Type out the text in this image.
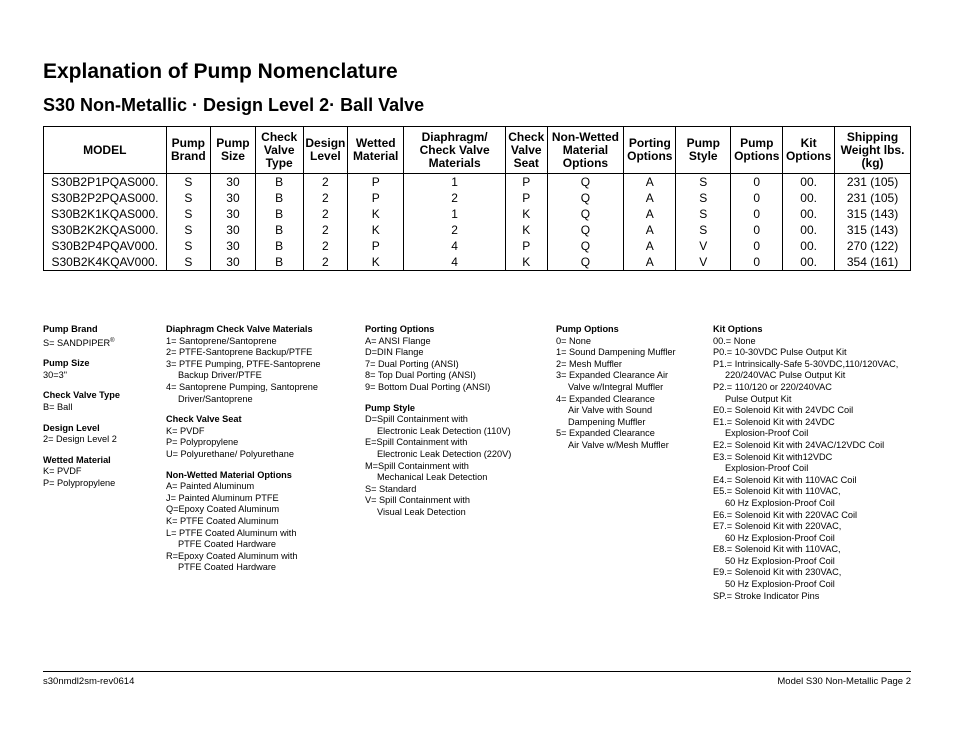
Explanation of Pump Nomenclature
S30 Non-Metallic · Design Level 2· Ball Valve
MODEL	Pump Brand	Pump Size	Check Valve Type	Design Level	Wetted Material	Diaphragm/ Check Valve Materials	Check Valve Seat	Non-Wetted Material Options	Porting Options	Pump Style	Pump Options	Kit Options	Shipping Weight lbs. (kg)
S30B2P1PQAS000.	S	30	B	2	P	1	P	Q	A	S	0	00.	231 (105)
S30B2P2PQAS000.	S	30	B	2	P	2	P	Q	A	S	0	00.	231 (105)
S30B2K1KQAS000.	S	30	B	2	K	1	K	Q	A	S	0	00.	315 (143)
S30B2K2KQAS000.	S	30	B	2	K	2	K	Q	A	S	0	00.	315 (143)
S30B2P4PQAV000.	S	30	B	2	P	4	P	Q	A	V	0	00.	270 (122)
S30B2K4KQAV000.	S	30	B	2	K	4	K	Q	A	V	0	00.	354 (161)
Pump Brand
S= SANDPIPER®
Pump Size
30=3"
Check Valve Type
B= Ball
Design Level
2= Design Level 2
Wetted Material
K= PVDF
P= Polypropylene
Diaphragm Check Valve Materials
1= Santoprene/Santoprene
2= PTFE-Santoprene Backup/PTFE
3= PTFE Pumping, PTFE-Santoprene
Backup Driver/PTFE
4= Santoprene Pumping, Santoprene
Driver/Santoprene
Check Valve Seat
K= PVDF
P= Polypropylene
U= Polyurethane/ Polyurethane
Non-Wetted Material Options
A= Painted Aluminum
J= Painted Aluminum PTFE
Q=Epoxy Coated Aluminum
K= PTFE Coated Aluminum
L= PTFE Coated Aluminum with
PTFE Coated Hardware
R=Epoxy Coated Aluminum with
PTFE Coated Hardware
Porting Options
A= ANSI Flange
D=DIN Flange
7= Dual Porting (ANSI)
8= Top Dual Porting (ANSI)
9= Bottom Dual Porting (ANSI)
Pump Style
D=Spill Containment with
Electronic Leak Detection (110V)
E=Spill Containment with
Electronic Leak Detection (220V)
M=Spill Containment with
Mechanical Leak Detection
S= Standard
V= Spill Containment with
Visual Leak Detection
Pump Options
0= None
1= Sound Dampening Muffler
2= Mesh Muffler
3= Expanded Clearance Air
Valve w/Integral Muffler
4= Expanded Clearance
Air Valve with Sound
Dampening Muffler
5= Expanded Clearance
Air Valve w/Mesh Muffler
Kit Options
00.= None
P0.= 10-30VDC Pulse Output Kit
P1.= Intrinsically-Safe 5-30VDC,110/120VAC,
220/240VAC Pulse Output Kit
P2.= 110/120 or 220/240VAC
Pulse Output Kit
E0.= Solenoid Kit with 24VDC Coil
E1.= Solenoid Kit with 24VDC
Explosion-Proof Coil
E2.= Solenoid Kit with 24VAC/12VDC Coil
E3.= Solenoid Kit with12VDC
Explosion-Proof Coil
E4.= Solenoid Kit with 110VAC Coil
E5.= Solenoid Kit with 110VAC,
60 Hz Explosion-Proof Coil
E6.= Solenoid Kit with 220VAC Coil
E7.= Solenoid Kit with 220VAC,
60 Hz Explosion-Proof Coil
E8.= Solenoid Kit with 110VAC,
50 Hz Explosion-Proof Coil
E9.= Solenoid Kit with 230VAC,
50 Hz Explosion-Proof Coil
SP.= Stroke Indicator Pins
s30nmdl2sm-rev0614	Model S30 Non-Metallic Page 2
